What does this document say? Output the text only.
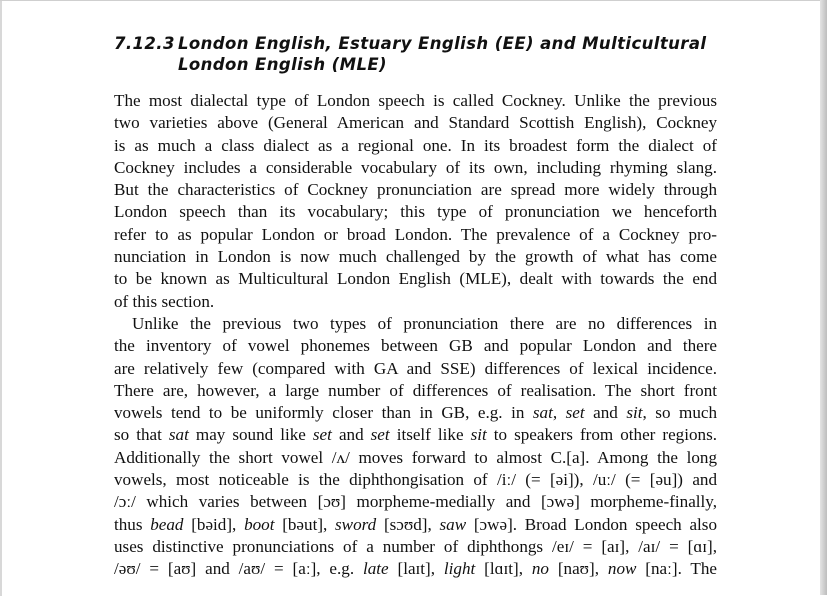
7.12.3 London English, Estuary English (EE) and Multicultural
London English (MLE)

The most dialectal type of London speech is called Cockney. Unlike the previous
two varieties above (General American and Standard Scottish English), Cockney
is as much a class dialect as a regional one. In its broadest form the dialect of
Cockney includes a considerable vocabulary of its own, including rhyming slang.
But the characteristics of Cockney pronunciation are spread more widely through
London speech than its vocabulary; this type of pronunciation we henceforth
refer to as popular London or broad London. The prevalence of a Cockney pro-
nunciation in London is now much challenged by the growth of what has come
to be known as Multicultural London English (MLE), dealt with towards the end
of this section.

Unlike the previous two types of pronunciation there are no differences in
the inventory of vowel phonemes between GB and popular London and there
are relatively few (compared with GA and SSE) differences of lexical incidence.
There are, however, a large number of differences of realisation. The short front
vowels tend to be uniformly closer than in GB, e.g. in sat, set and sit, so much
so that sat may sound like set and set itself like sit to speakers from other regions.
Additionally the short vowel /ʌ/ moves forward to almost C.[a]. Among the long
vowels, most noticeable is the diphthongisation of /iː/ (= [əi]), /uː/ (= [əu]) and
/ɔː/ which varies between [ɔʊ] morpheme-medially and [ɔwə] morpheme-finally,
thus bead [bəid], boot [bəut], sword [sɔʊd], saw [ɔwə]. Broad London speech also
uses distinctive pronunciations of a number of diphthongs /eɪ/ = [aɪ], /aɪ/ = [ɑɪ],
/əʊ/ = [aʊ] and /aʊ/ = [aː], e.g. late [laɪt], light [lɑɪt], no [naʊ], now [naː]. The
